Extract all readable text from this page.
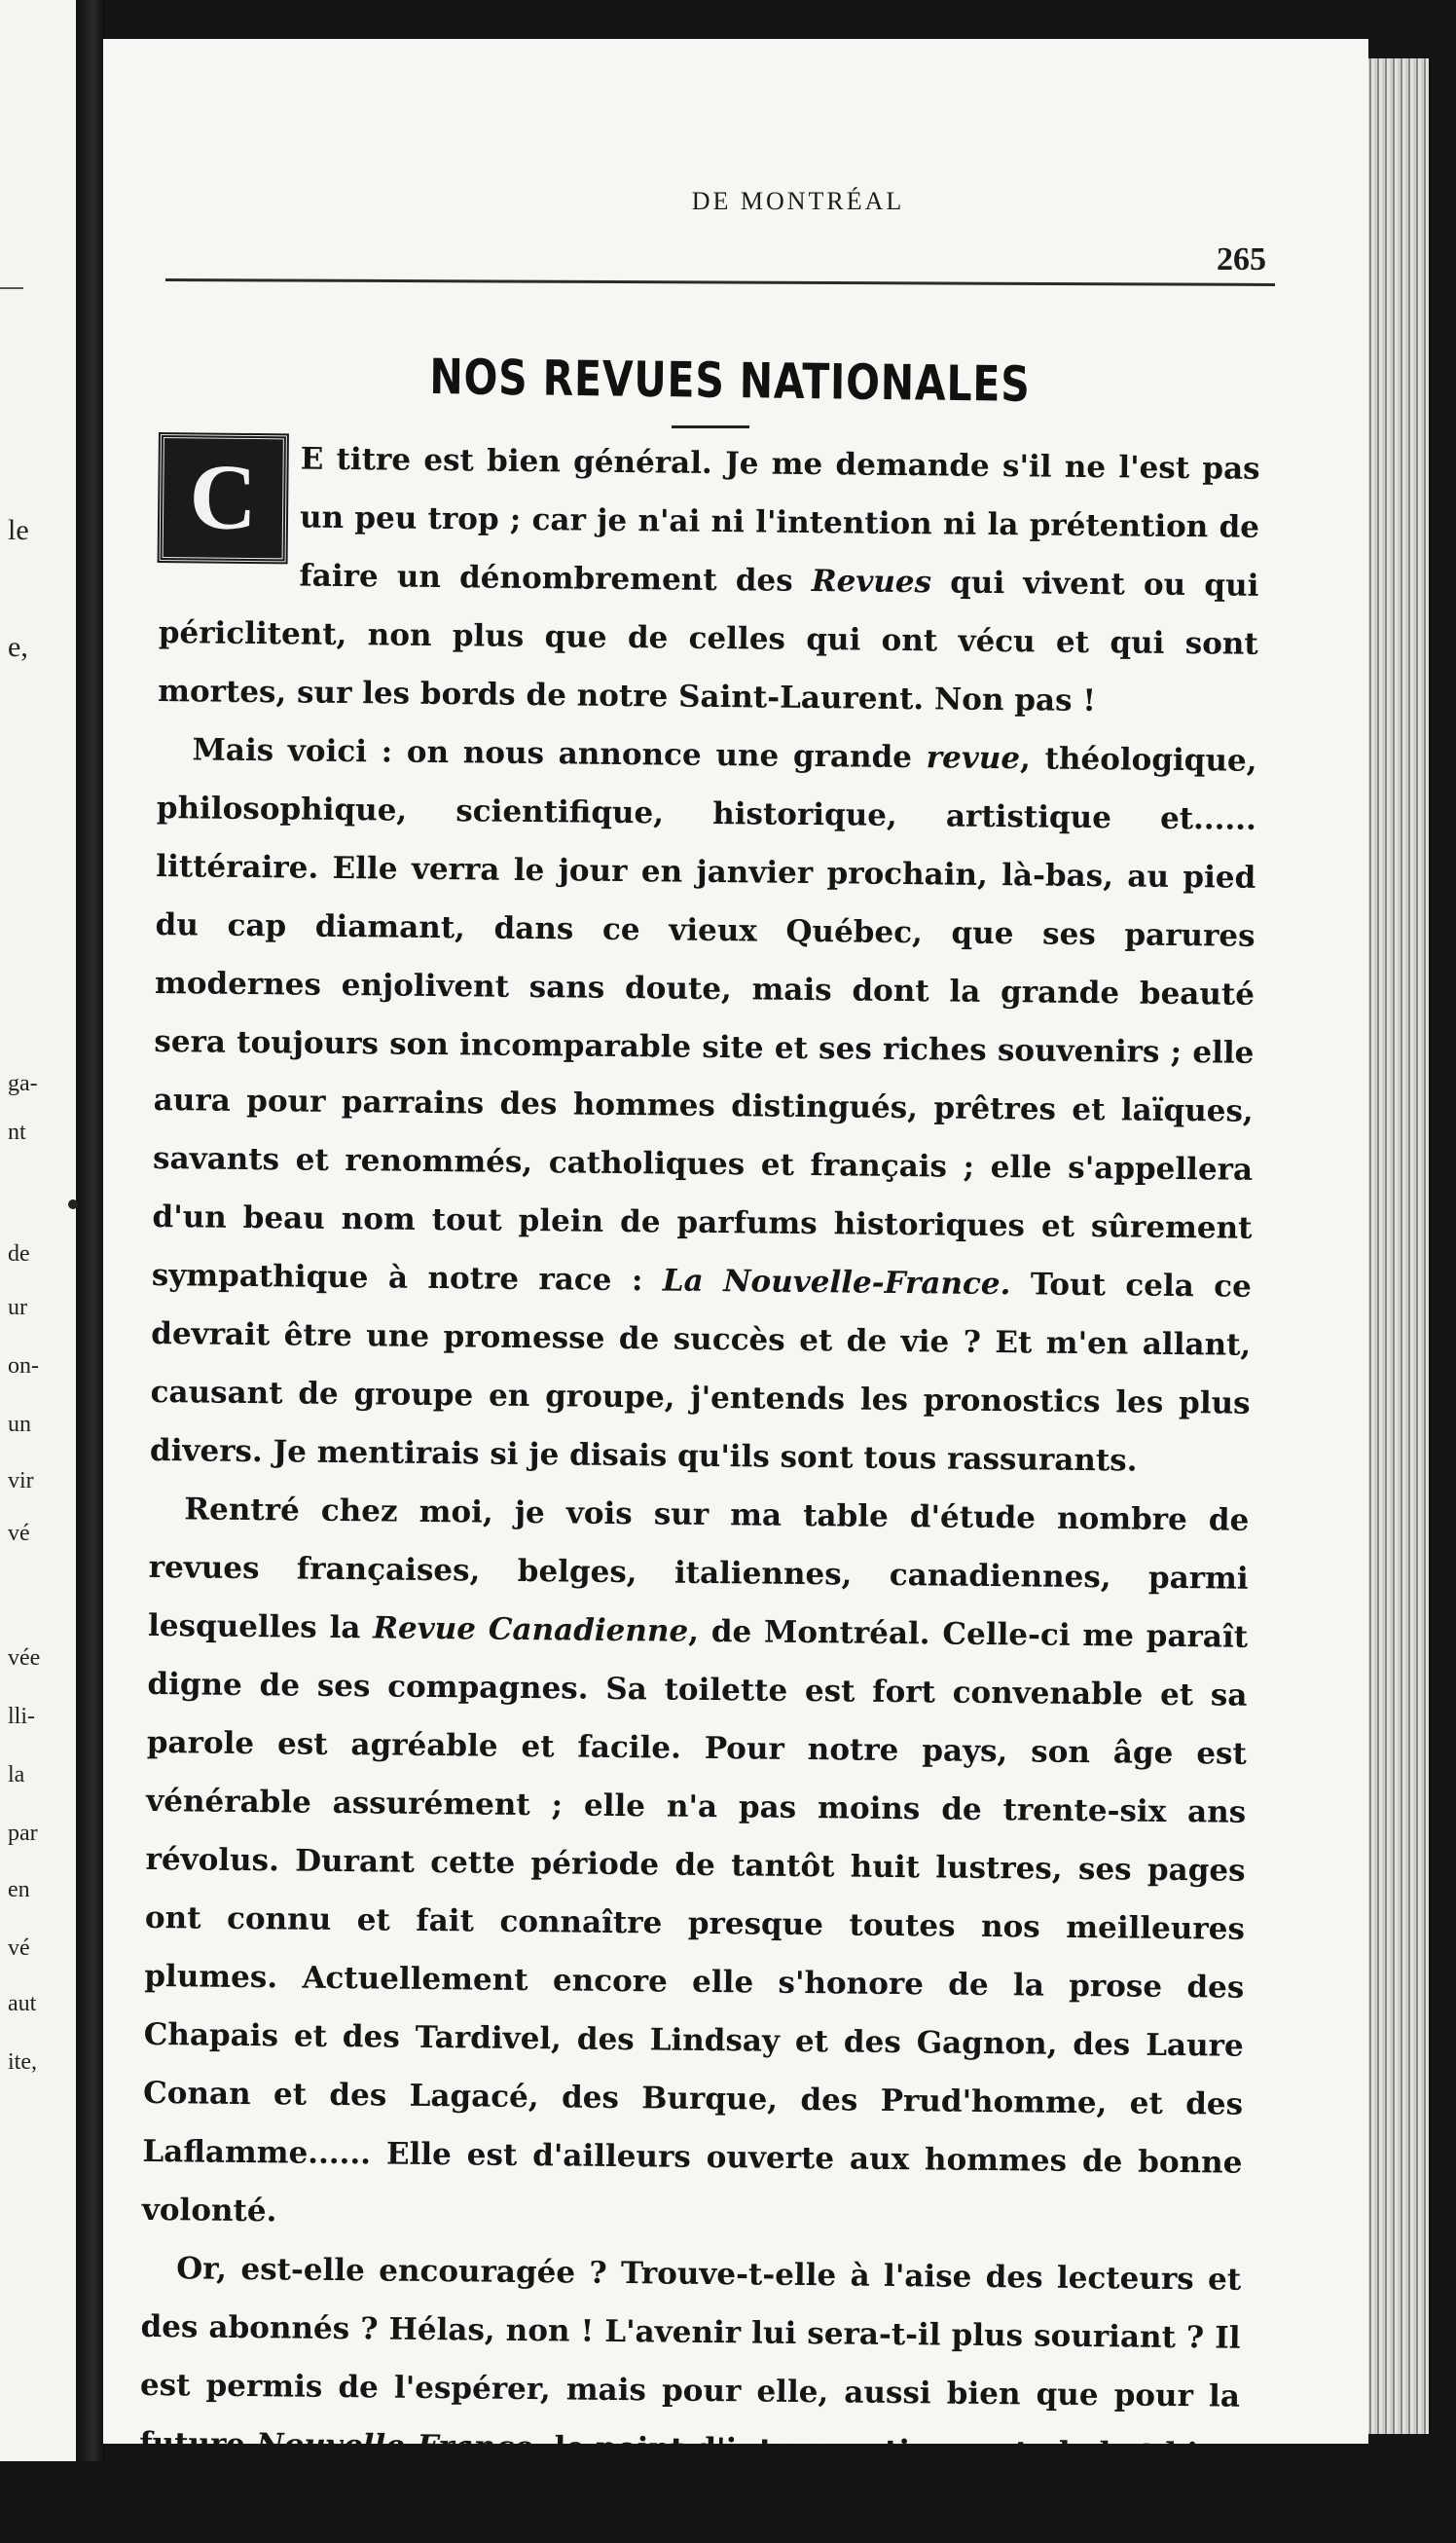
le
e,
ga-
nt
de
ur
on-
un
vir
vé
vée
lli-
la
par
en
vé
aut
ite,
DE MONTRÉAL
265
NOS REVUES NATIONALES

C	E titre est bien général. Je me demande s'il ne l'est pas un peu trop ; car je n'ai ni l'intention ni la prétention de faire un dénombrement des Revues qui vivent ou qui périclitent, non plus que de celles qui ont vécu et qui sont mortes, sur les bords de notre Saint-Laurent. Non pas !

Mais voici : on nous annonce une grande revue, théologique, philosophique, scientifique, historique, artistique et...... littéraire. Elle verra le jour en janvier prochain, là-bas, au pied du cap diamant, dans ce vieux Québec, que ses parures modernes enjolivent sans doute, mais dont la grande beauté sera toujours son incomparable site et ses riches souvenirs ; elle aura pour parrains des hommes distingués, prêtres et laïques, savants et renommés, catholiques et français ; elle s'appellera d'un beau nom tout plein de parfums historiques et sûrement sympathique à notre race : La Nouvelle-France. Tout cela ce devrait être une promesse de succès et de vie ? Et m'en allant, causant de groupe en groupe, j'entends les pronostics les plus divers. Je mentirais si je disais qu'ils sont tous rassurants.

Rentré chez moi, je vois sur ma table d'étude nombre de revues françaises, belges, italiennes, canadiennes, parmi lesquelles la Revue Canadienne, de Montréal. Celle-ci me paraît digne de ses compagnes. Sa toilette est fort convenable et sa parole est agréable et facile. Pour notre pays, son âge est vénérable assurément ; elle n'a pas moins de trente-six ans révolus. Durant cette période de tantôt huit lustres, ses pages ont connu et fait connaître presque toutes nos meilleures plumes. Actuellement encore elle s'honore de la prose des Chapais et des Tardivel, des Lindsay et des Gagnon, des Laure Conan et des Lagacé, des Burque, des Prud'homme, et des Laflamme...... Elle est d'ailleurs ouverte aux hommes de bonne volonté.

Or, est-elle encouragée ? Trouve-t-elle à l'aise des lecteurs et des abonnés ? Hélas, non ! L'avenir lui sera-t-il plus souriant ? Il est permis de l'espérer, mais pour elle, aussi bien que pour la future Nouvelle-France, le point d'interrogation reste bel et bien posé.
